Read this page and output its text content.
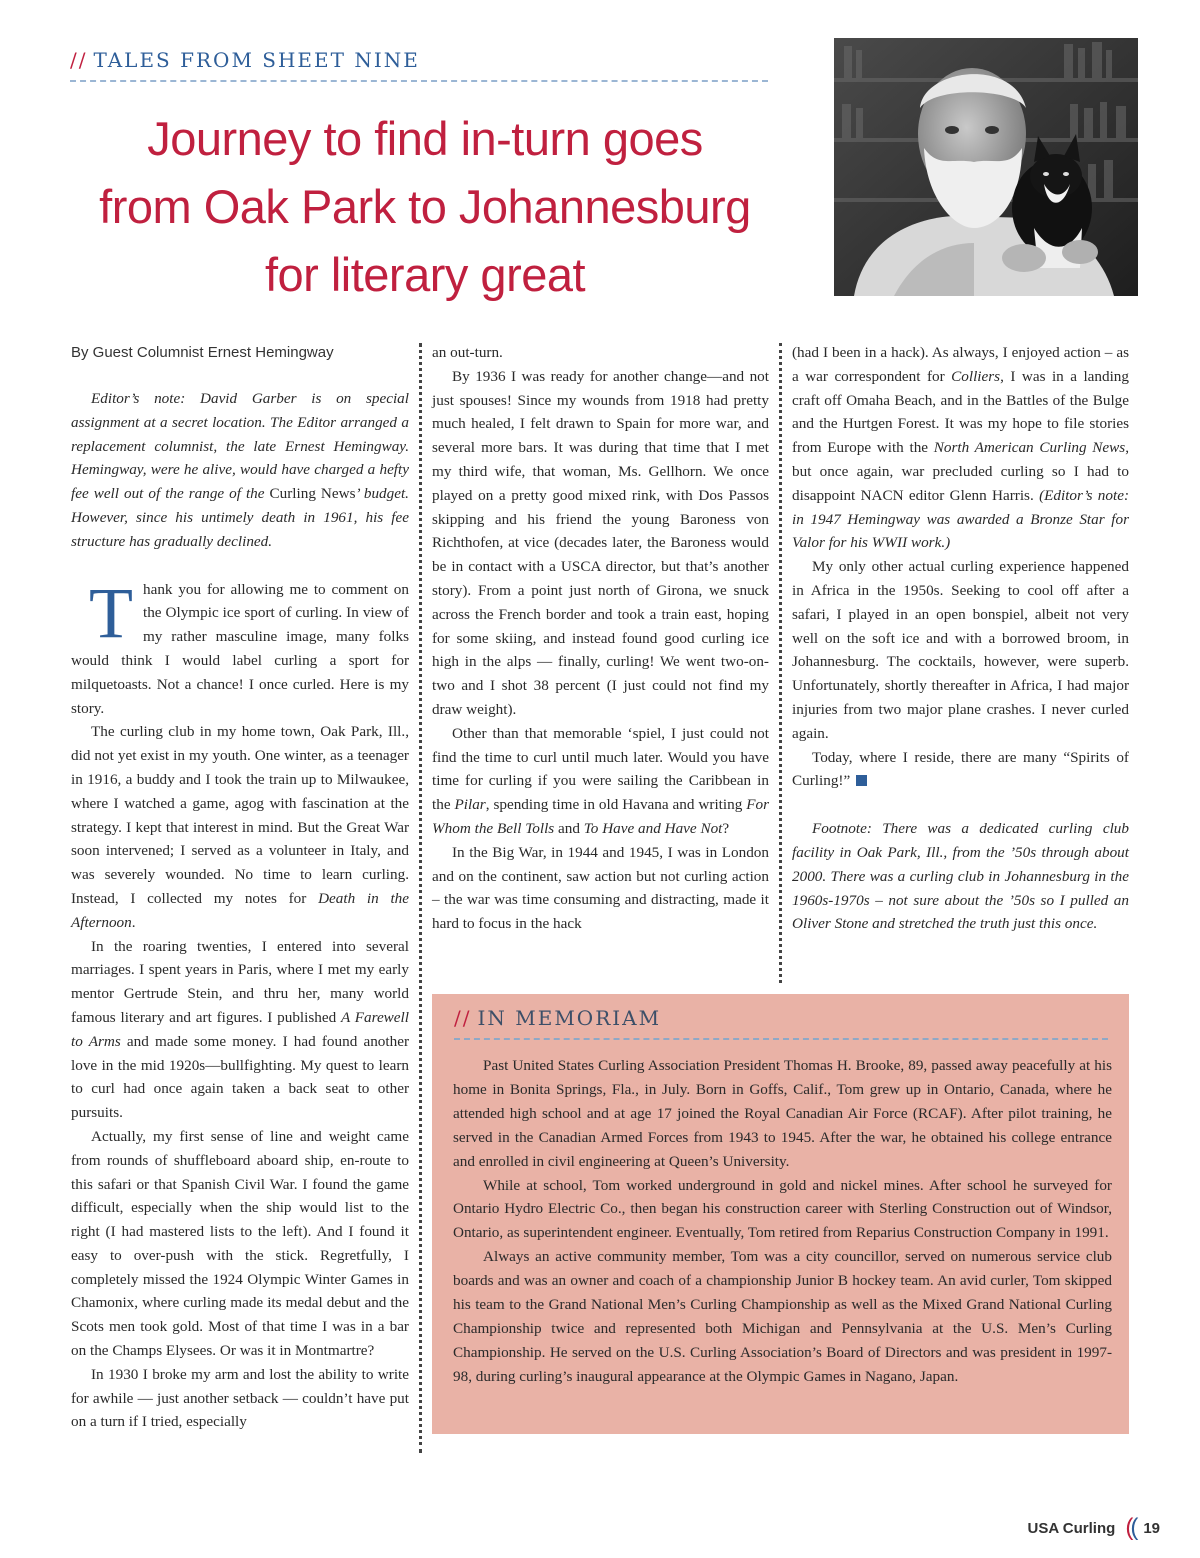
// TALES FROM SHEET NINE
Journey to find in-turn goes
from Oak Park to Johannesburg
for literary great
By Guest Columnist Ernest Hemingway

Editor’s note: David Garber is on special assignment at a secret location. The Editor arranged a replacement columnist, the late Ernest Hemingway. Hemingway, were he alive, would have charged a hefty fee well out of the range of the Curling News’ budget. However, since his untimely death in 1961, his fee structure has gradually declined.

Thank you for allowing me to comment on the Olympic ice sport of curling. In view of my rather masculine image, many folks would think I would label curling a sport for milquetoasts. Not a chance! I once curled. Here is my story.

The curling club in my home town, Oak Park, Ill., did not yet exist in my youth. One winter, as a teenager in 1916, a buddy and I took the train up to Milwaukee, where I watched a game, agog with fascination at the strategy. I kept that interest in mind. But the Great War soon intervened; I served as a volunteer in Italy, and was severely wounded. No time to learn curling. Instead, I collected my notes for Death in the Afternoon.

In the roaring twenties, I entered into several marriages. I spent years in Paris, where I met my early mentor Gertrude Stein, and thru her, many world famous literary and art figures. I published A Farewell to Arms and made some money. I had found another love in the mid 1920s—bullfighting. My quest to learn to curl had once again taken a back seat to other pursuits.

Actually, my first sense of line and weight came from rounds of shuffleboard aboard ship, en-route to this safari or that Spanish Civil War. I found the game difficult, especially when the ship would list to the right (I had mastered lists to the left). And I found it easy to over-push with the stick. Regretfully, I completely missed the 1924 Olympic Winter Games in Chamonix, where curling made its medal debut and the Scots men took gold. Most of that time I was in a bar on the Champs Elysees. Or was it in Montmartre?

In 1930 I broke my arm and lost the ability to write for awhile — just another setback — couldn’t have put on a turn if I tried, especially

an out-turn.

By 1936 I was ready for another change—and not just spouses! Since my wounds from 1918 had pretty much healed, I felt drawn to Spain for more war, and several more bars. It was during that time that I met my third wife, that woman, Ms. Gellhorn. We once played on a pretty good mixed rink, with Dos Passos skipping and his friend the young Baroness von Richthofen, at vice (decades later, the Baroness would be in contact with a USCA director, but that’s another story). From a point just north of Girona, we snuck across the French border and took a train east, hoping for some skiing, and instead found good curling ice high in the alps — finally, curling! We went two-on-two and I shot 38 percent (I just could not find my draw weight).

Other than that memorable ‘spiel, I just could not find the time to curl until much later. Would you have time for curling if you were sailing the Caribbean in the Pilar, spending time in old Havana and writing For Whom the Bell Tolls and To Have and Have Not?

In the Big War, in 1944 and 1945, I was in London and on the continent, saw action but not curling action – the war was time consuming and distracting, made it hard to focus in the hack

(had I been in a hack). As always, I enjoyed action – as a war correspondent for Colliers, I was in a landing craft off Omaha Beach, and in the Battles of the Bulge and the Hurtgen Forest. It was my hope to file stories from Europe with the North American Curling News, but once again, war precluded curling so I had to disappoint NACN editor Glenn Harris. (Editor’s note: in 1947 Hemingway was awarded a Bronze Star for Valor for his WWII work.)

My only other actual curling experience happened in Africa in the 1950s. Seeking to cool off after a safari, I played in an open bonspiel, albeit not very well on the soft ice and with a borrowed broom, in Johannesburg. The cocktails, however, were superb. Unfortunately, shortly thereafter in Africa, I had major injuries from two major plane crashes. I never curled again.

Today, where I reside, there are many “Spirits of Curling!”

Footnote: There was a dedicated curling club facility in Oak Park, Ill., from the ’50s through about 2000. There was a curling club in Johannesburg in the 1960s-1970s – not sure about the ’50s so I pulled an Oliver Stone and stretched the truth just this once.

// IN MEMORIAM

Past United States Curling Association President Thomas H. Brooke, 89, passed away peacefully at his home in Bonita Springs, Fla., in July. Born in Goffs, Calif., Tom grew up in Ontario, Canada, where he attended high school and at age 17 joined the Royal Canadian Air Force (RCAF). After pilot training, he served in the Canadian Armed Forces from 1943 to 1945. After the war, he obtained his college entrance and enrolled in civil engineering at Queen’s University.

While at school, Tom worked underground in gold and nickel mines. After school he surveyed for Ontario Hydro Electric Co., then began his construction career with Sterling Construction out of Windsor, Ontario, as superintendent engineer. Eventually, Tom retired from Reparius Construction Company in 1991.

Always an active community member, Tom was a city councillor, served on numerous service club boards and was an owner and coach of a championship Junior B hockey team. An avid curler, Tom skipped his team to the Grand National Men’s Curling Championship as well as the Mixed Grand National Curling Championship twice and represented both Michigan and Pennsylvania at the U.S. Men’s Curling Championship. He served on the U.S. Curling Association’s Board of Directors and was president in 1997-98, during curling’s inaugural appearance at the Olympic Games in Nagano, Japan.

USA Curling (( 19
